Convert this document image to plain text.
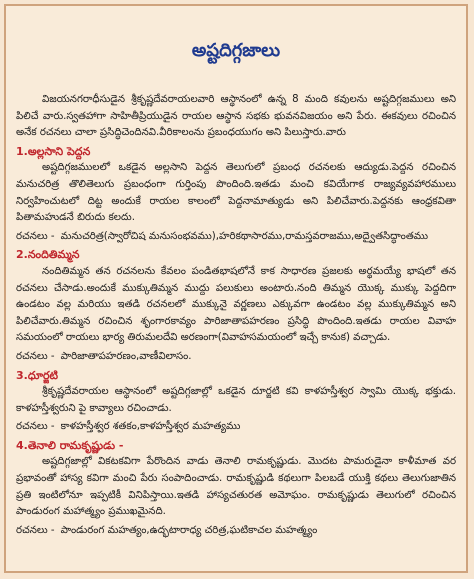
అష్టదిగ్గజాలు

విజయనగరాధీసుడైన శ్రీకృష్ణదేవరాయలవారి ఆస్థానంలో ఉన్న 8 మంది కవులను అష్టదిగ్గజములు అని పిలిచే వారు.స్వతహాగా సాహితీప్రియుడైన రాయల ఆస్థాన సభకు భువనవిజయం అని పేరు. ఈకవులు రచించిన అనేక రచనలు చాలా ప్రసిద్ధిచెందినవి.వీరికాలంను ప్రబంధయుగం అని పిలుస్తారు.వారు

1.అల్లసాని పెద్దన

అష్టదిగ్గజములలో ఒకడైన అల్లసాని పెద్దన తెలుగులో ప్రబంధ రచనలకు ఆద్యుడు.పెద్దన రచించిన మనుచరిత్ర తొలితెలుగు ప్రబంధంగా గుర్తింపు పొందింది.ఇతడు మంచి కవియేగాక రాజ్యవ్యవహారములు నిర్వహించుటలో దిట్ట అందుకే రాయల కాలంలో పెద్దనామాత్యుడు అని పిలిచేవారు.పెద్దనకు ఆంధ్రకవితా పితామహుడనే బిరుదు కలదు.

రచనలు - మనుచరిత్ర(స్వారోచిష మనుసంభవము),హరికథాసారము,రామస్తవరాజము,అద్వైతసిద్ధాంతము

2.నందితిమ్మన

నందితిమ్మన తన రచనలను కేవలం పండితభాషలోనే కాక సాధారణ ప్రజలకు అర్థమయ్యే భాషలో తన రచనలు చేసాడు.అందుకే ముక్కుతిమ్మన ముద్దు పలుకులు అంటారు.నంది తిమ్మన యొక్క ముక్కు పెద్దదిగా ఉండటం వల్ల మరియు ఇతడి రచనలలో ముక్కునై వర్ణణలు ఎక్కువగా ఉండటం వల్ల ముక్కుతిమ్మన అని పిలిచేవారు.తిమ్మన రచించిన శృంగారకావ్యం పారిజాతాపహరణం ప్రసిద్ధి పొందింది.ఇతడు రాయల వివాహ సమయంలో రాయలు భార్య తిరుమలదేవి అరణంగా(వివాహసమయంలో ఇచ్చే కానుక) వచ్చాడు.

రచనలు - పారిజాతాపహరణం,వాణీవిలాసం.

3.ధూర్జటి

శ్రీకృష్ణదేవరాయల ఆస్థానంలో అష్టదిగ్గజాల్లో ఒకడైన దూర్జటి కవి కాళహస్తీశ్వర స్వామి యొక్క భక్తుడు. కాళహస్తీశ్వరుని పై కావ్యాలు రచించాడు.

రచనలు - కాళహస్తీశ్వర శతకం,కాళహస్తీశ్వర మహత్యము

4.తెనాలి రామకృష్ణుడు -

అష్టదిగ్గజాల్లో వికటకవిగా పేరొందిన వాడు తెనాలి రామకృష్ణుడు. మొదట పామరుడైనా కాళీమాత వర ప్రభావంతో హాస్య కవిగా మంచి పేరు సంపాదించాడు. రామకృష్ణుడి కథలుగా పిలబడే యుక్తి కథలు తెలుగుజాతిన ప్రతి ఇంటిలోనూ ఇప్పటికీ వినిపిస్తాయి.ఇతడి హాస్యచతురత అమోఘం. రామకృష్ణుడు తెలుగులో రచించిన పాండురంగ మహాత్మ్యం ప్రముఖమైనది.

రచనలు - పాండురంగ మహత్యం,ఉద్భటారాధ్య చరిత్ర,ఘటికాచల మహత్మ్యం
